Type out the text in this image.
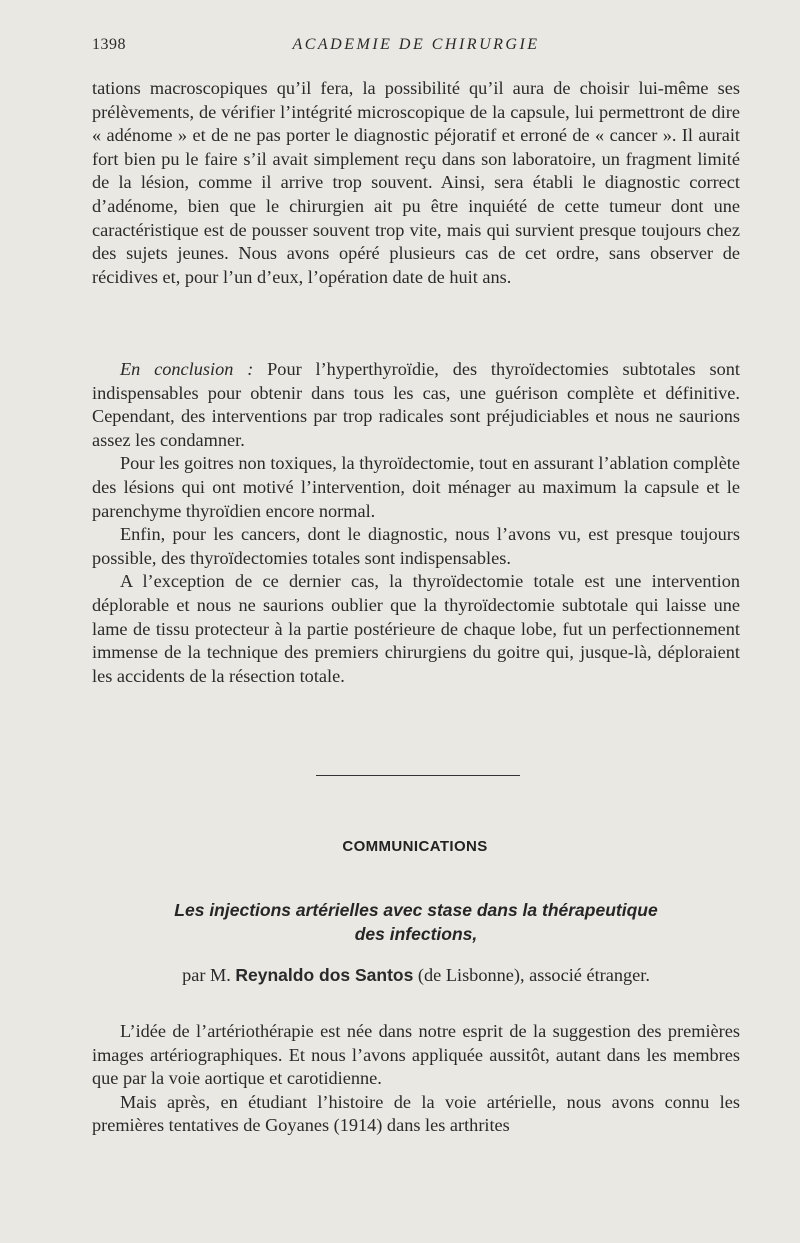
1398	ACADEMIE DE CHIRURGIE

tations macroscopiques qu’il fera, la possibilité qu’il aura de choisir lui-même ses prélèvements, de vérifier l’intégrité microscopique de la capsule, lui permettront de dire « adénome » et de ne pas porter le diagnostic péjoratif et erroné de « cancer ». Il aurait fort bien pu le faire s’il avait simplement reçu dans son laboratoire, un fragment limité de la lésion, comme il arrive trop souvent. Ainsi, sera établi le diagnostic correct d’adénome, bien que le chirurgien ait pu être inquiété de cette tumeur dont une caractéristique est de pousser souvent trop vite, mais qui survient presque toujours chez des sujets jeunes. Nous avons opéré plusieurs cas de cet ordre, sans observer de récidives et, pour l’un d’eux, l’opération date de huit ans.

En conclusion : Pour l’hyperthyroïdie, des thyroïdectomies subtotales sont indispensables pour obtenir dans tous les cas, une guérison complète et définitive. Cependant, des interventions par trop radicales sont préjudiciables et nous ne saurions assez les condamner.

Pour les goitres non toxiques, la thyroïdectomie, tout en assurant l’ablation complète des lésions qui ont motivé l’intervention, doit ménager au maximum la capsule et le parenchyme thyroïdien encore normal.

Enfin, pour les cancers, dont le diagnostic, nous l’avons vu, est presque toujours possible, des thyroïdectomies totales sont indispensables.

A l’exception de ce dernier cas, la thyroïdectomie totale est une intervention déplorable et nous ne saurions oublier que la thyroïdectomie subtotale qui laisse une lame de tissu protecteur à la partie postérieure de chaque lobe, fut un perfectionnement immense de la technique des premiers chirurgiens du goitre qui, jusque-là, déploraient les accidents de la résection totale.

COMMUNICATIONS
Les injections artérielles avec stase dans la thérapeutique
des infections,
par M. Reynaldo dos Santos (de Lisbonne), associé étranger.

L’idée de l’artériothérapie est née dans notre esprit de la suggestion des premières images artériographiques. Et nous l’avons appliquée aussitôt, autant dans les membres que par la voie aortique et carotidienne.

Mais après, en étudiant l’histoire de la voie artérielle, nous avons connu les premières tentatives de Goyanes (1914) dans les arthrites
